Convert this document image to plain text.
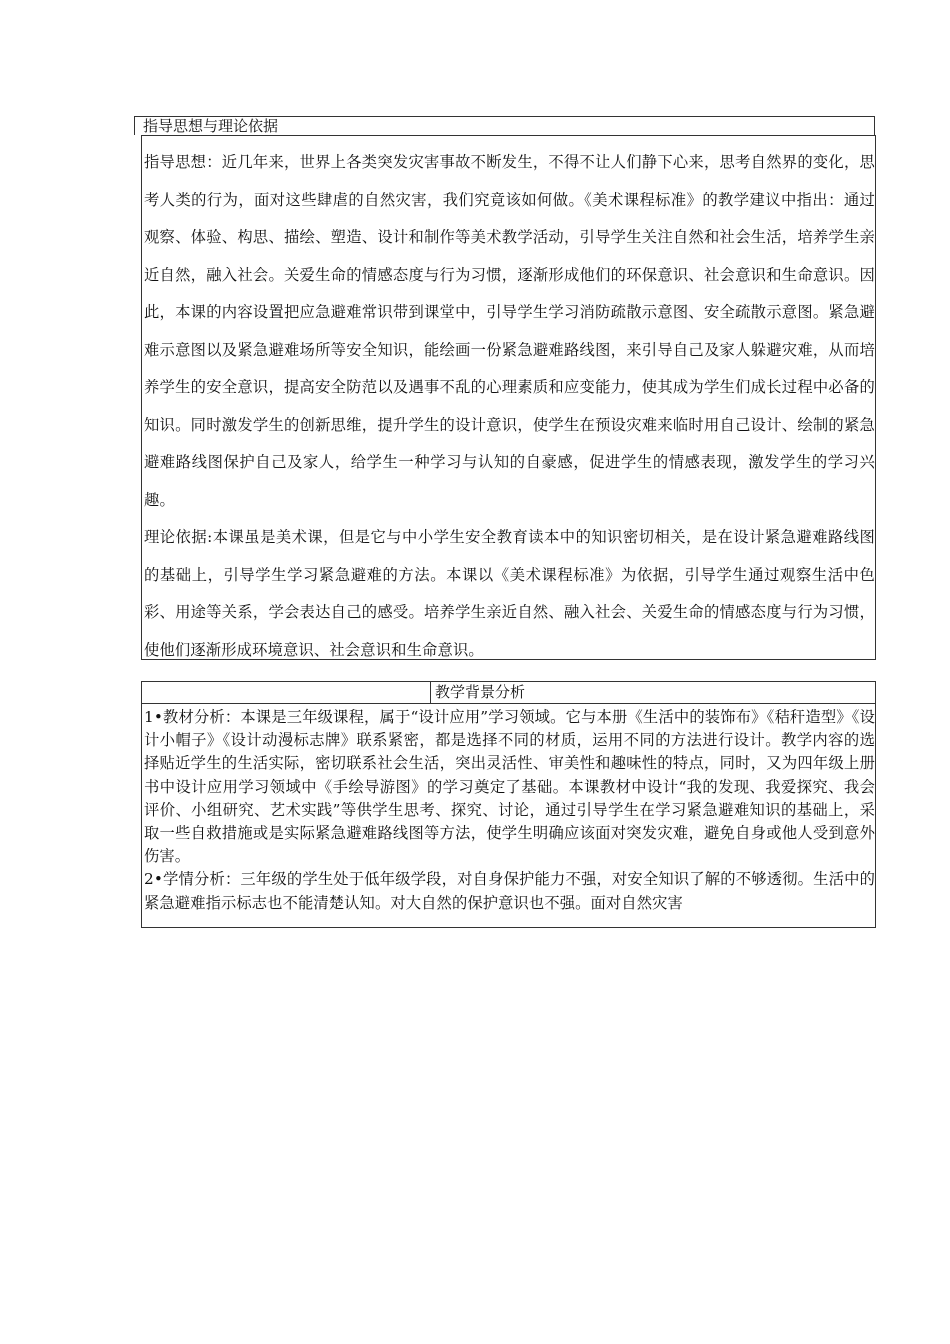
指导思想与理论依据

指导思想：近几年来，世界上各类突发灾害事故不断发生，不得不让人们静下心来，思考自然界的变化，思考人类的行为，面对这些肆虐的自然灾害，我们究竟该如何做。《美术课程标准》的教学建议中指出：通过观察、体验、构思、描绘、塑造、设计和制作等美术教学活动，引导学生关注自然和社会生活，培养学生亲近自然，融入社会。关爱生命的情感态度与行为习惯，逐渐形成他们的环保意识、社会意识和生命意识。因此，本课的内容设置把应急避难常识带到课堂中，引导学生学习消防疏散示意图、安全疏散示意图。紧急避难示意图以及紧急避难场所等安全知识，能绘画一份紧急避难路线图，来引导自己及家人躲避灾难，从而培养学生的安全意识，提高安全防范以及遇事不乱的心理素质和应变能力，使其成为学生们成长过程中必备的知识。同时激发学生的创新思维，提升学生的设计意识，使学生在预设灾难来临时用自己设计、绘制的紧急避难路线图保护自己及家人，给学生一种学习与认知的自豪感，促进学生的情感表现，激发学生的学习兴趣。

理论依据:本课虽是美术课，但是它与中小学生安全教育读本中的知识密切相关，是在设计紧急避难路线图的基础上，引导学生学习紧急避难的方法。本课以《美术课程标准》为依据，引导学生通过观察生活中色彩、用途等关系，学会表达自己的感受。培养学生亲近自然、融入社会、关爱生命的情感态度与行为习惯，使他们逐渐形成环境意识、社会意识和生命意识。

教学背景分析

1•教材分析：本课是三年级课程，属于“设计应用”学习领域。它与本册《生活中的装饰布》《秸秆造型》《设计小帽子》《设计动漫标志牌》联系紧密，都是选择不同的材质，运用不同的方法进行设计。教学内容的选择贴近学生的生活实际，密切联系社会生活，突出灵活性、审美性和趣味性的特点，同时，又为四年级上册书中设计应用学习领域中《手绘导游图》的学习奠定了基础。本课教材中设计“我的发现、我爱探究、我会评价、小组研究、艺术实践”等供学生思考、探究、讨论，通过引导学生在学习紧急避难知识的基础上，采取一些自救措施或是实际紧急避难路线图等方法，使学生明确应该面对突发灾难，避免自身或他人受到意外伤害。

2•学情分析：三年级的学生处于低年级学段，对自身保护能力不强，对安全知识了解的不够透彻。生活中的紧急避难指示标志也不能清楚认知。对大自然的保护意识也不强。面对自然灾害
